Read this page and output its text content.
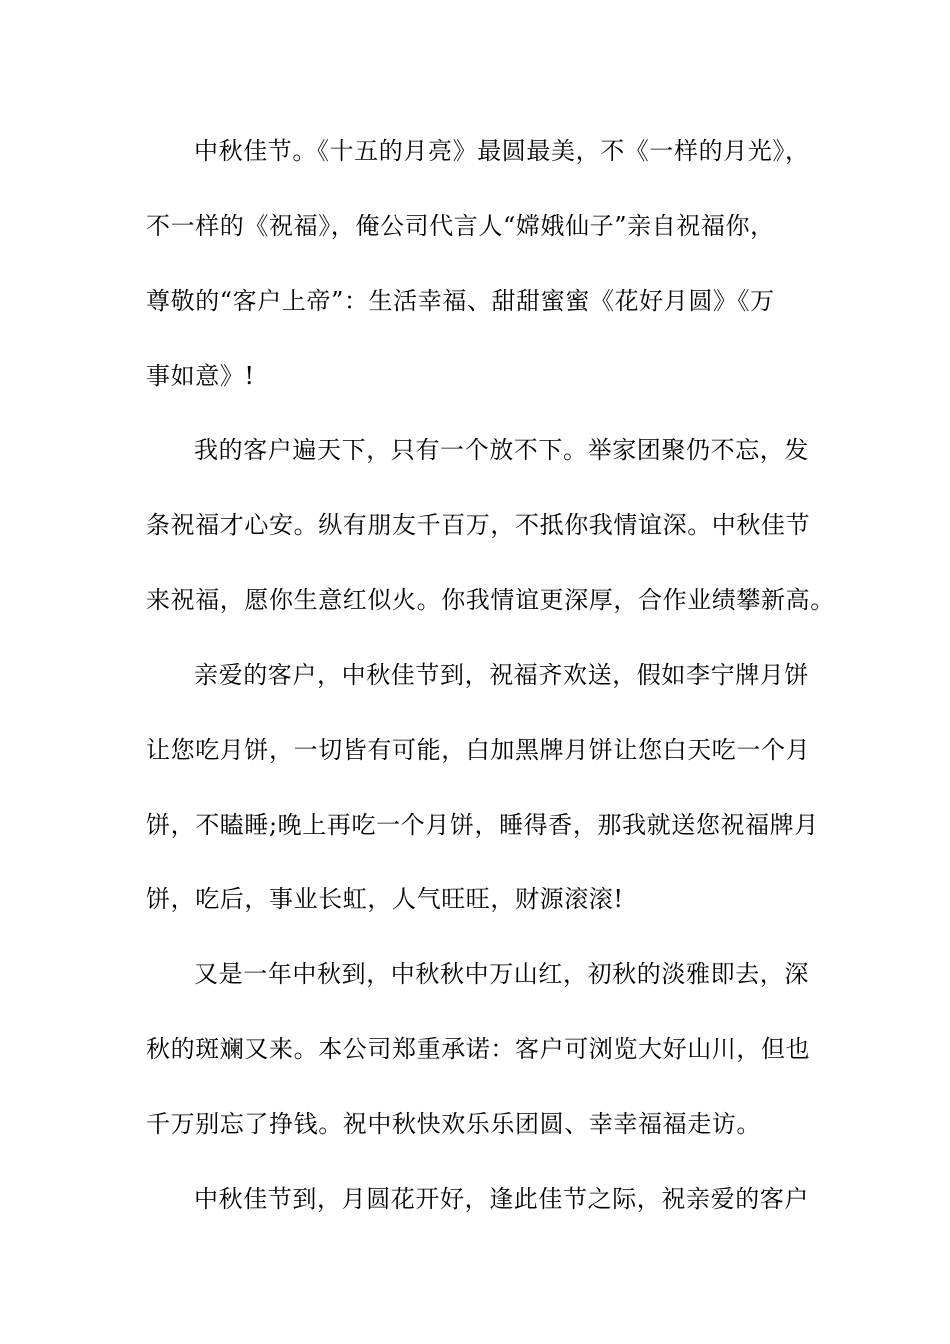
中秋佳节。《十五的月亮》最圆最美，不《一样的月光》，
不一样的《祝福》，俺公司代言人“嫦娥仙子”亲自祝福你，
尊敬的“客户上帝”：生活幸福、甜甜蜜蜜《花好月圆》《万
事如意》!
我的客户遍天下，只有一个放不下。举家团聚仍不忘，发
条祝福才心安。纵有朋友千百万，不抵你我情谊深。中秋佳节
来祝福，愿你生意红似火。你我情谊更深厚，合作业绩攀新高。
亲爱的客户，中秋佳节到，祝福齐欢送，假如李宁牌月饼
让您吃月饼，一切皆有可能，白加黑牌月饼让您白天吃一个月
饼，不瞌睡;晚上再吃一个月饼，睡得香，那我就送您祝福牌月
饼，吃后，事业长虹，人气旺旺，财源滚滚!
又是一年中秋到，中秋秋中万山红，初秋的淡雅即去，深
秋的斑斓又来。本公司郑重承诺：客户可浏览大好山川，但也
千万别忘了挣钱。祝中秋快欢乐乐团圆、幸幸福福走访。
中秋佳节到，月圆花开好，逢此佳节之际，祝亲爱的客户
